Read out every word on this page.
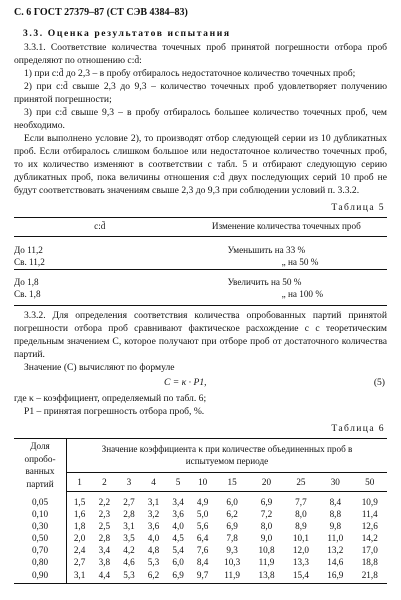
С. 6 ГОСТ 27379–87 (СТ СЭВ 4384–83)
3.3. Оценка результатов испытания

3.3.1. Соответствие количества точечных проб принятой погрешности отбора проб определяют по отношению c:d̄:

1) при c:d̄ до 2,3 – в пробу отбиралось недостаточное количество точечных проб;

2) при c:d̄ свыше 2,3 до 9,3 – количество точечных проб удовлетворяет получению принятой погрешности;

3) при c:d̄ свыше 9,3 – в пробу отбиралось большее количество точечных проб, чем необходимо.

Если выполнено условие 2), то производят отбор следующей серии из 10 дубликатных проб. Если отбиралось слишком большое или недостаточное количество точечных проб, то их количество изменяют в соответствии с табл. 5 и отбирают следующую серию дубликатных проб, пока величины отношения c:d̄ двух последующих серий 10 проб не будут соответствовать значениям свыше 2,3 до 9,3 при соблюдении условий п. 3.3.2.

Таблица 5
c:d̄	Изменение количества точечных проб

До 11,2	Уменьшить на 33 %
Св. 11,2	„ на 50 %

До 1,8	Увеличить на 50 %
Св. 1,8	„ на 100 %

3.3.2. Для определения соответствия количества опробованных партий принятой погрешности отбора проб сравнивают фактическое расхождение c с теоретическим предельным значением C, которое получают при отборе проб от достаточного количества партий.

Значение (C) вычисляют по формуле

C = κ · P1,	(5)

где κ – коэффициент, определяемый по табл. 6;

P1 – принятая погрешность отбора проб, %.

Таблица 6
Доля опробо-ванных партий	Значение коэффициента κ при количестве объединенных проб в испытуемом периоде										
	1	2	3	4	5	10	15	20	25	30	50
0,05	1,5	2,2	2,7	3,1	3,4	4,9	6,0	6,9	7,7	8,4	10,9
0,10	1,6	2,3	2,8	3,2	3,6	5,0	6,2	7,2	8,0	8,8	11,4
0,30	1,8	2,5	3,1	3,6	4,0	5,6	6,9	8,0	8,9	9,8	12,6
0,50	2,0	2,8	3,5	4,0	4,5	6,4	7,8	9,0	10,1	11,0	14,2
0,70	2,4	3,4	4,2	4,8	5,4	7,6	9,3	10,8	12,0	13,2	17,0
0,80	2,7	3,8	4,6	5,3	6,0	8,4	10,3	11,9	13,3	14,6	18,8
0,90	3,1	4,4	5,3	6,2	6,9	9,7	11,9	13,8	15,4	16,9	21,8
